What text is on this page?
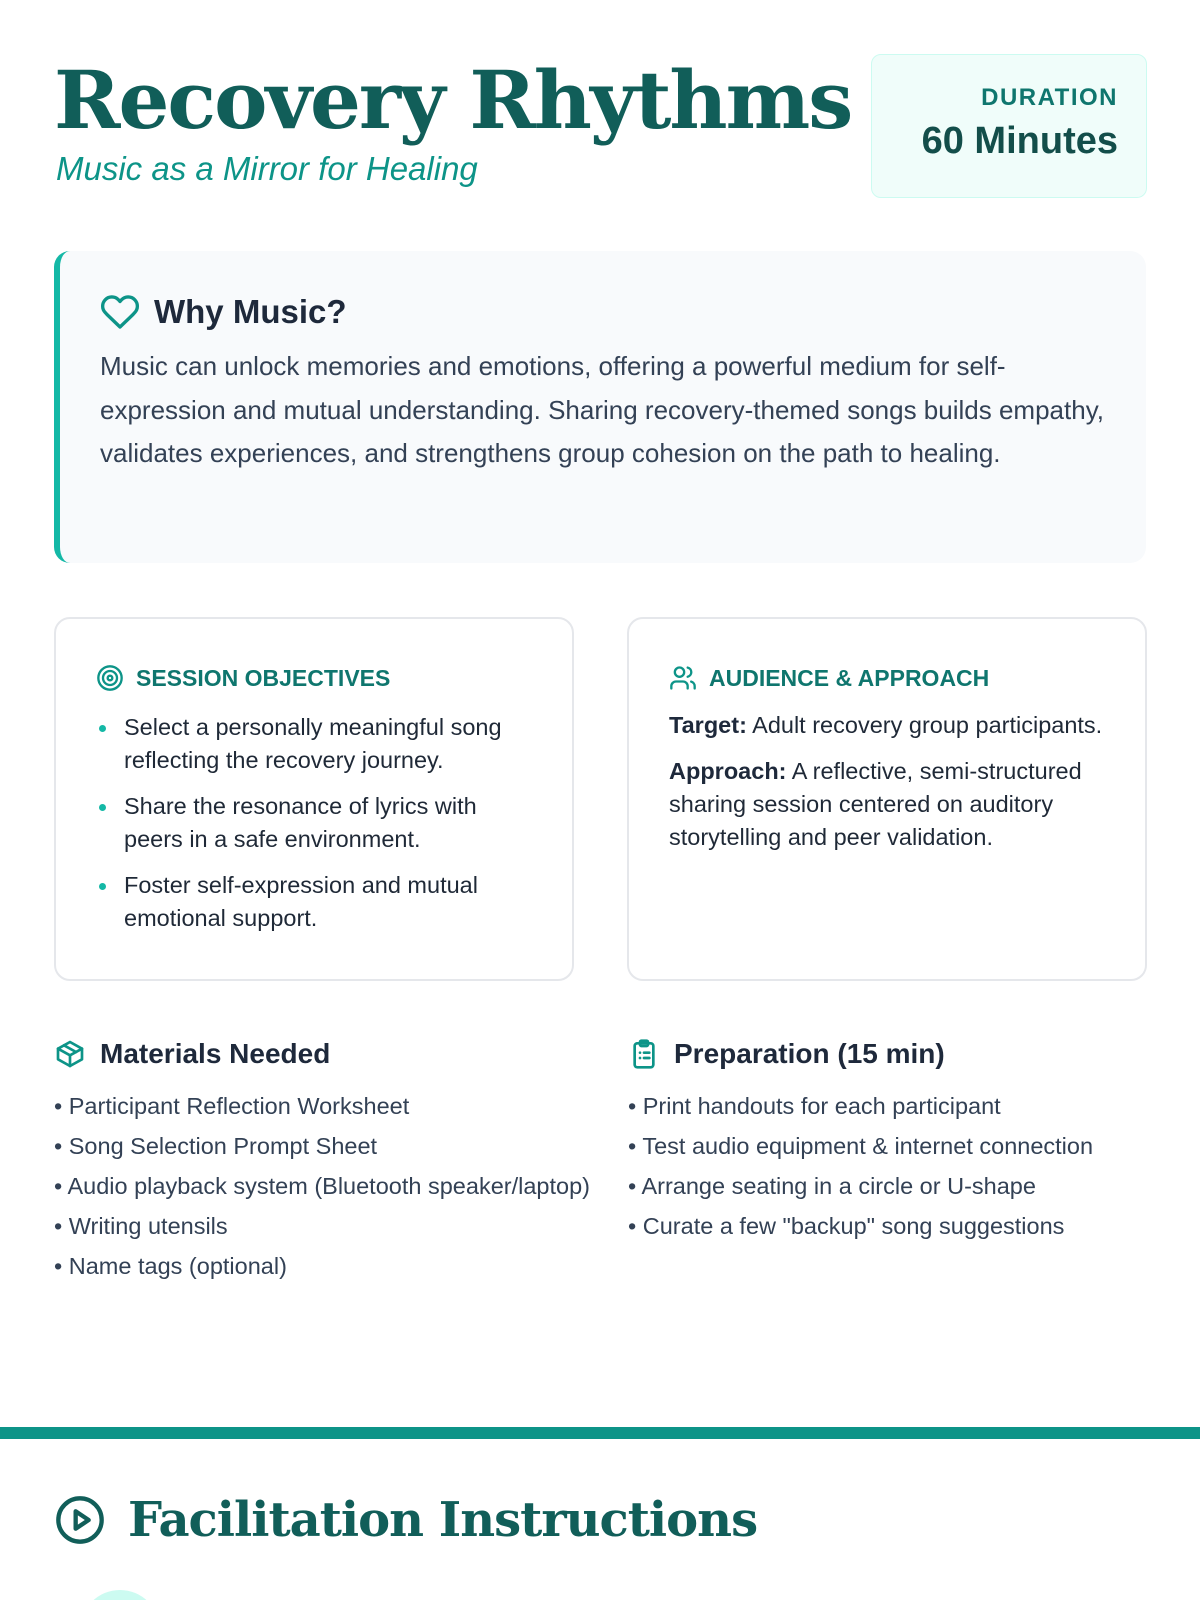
Recovery Rhythms
Music as a Mirror for Healing
DURATION
60 Minutes
Why Music?

Music can unlock memories and emotions, offering a powerful medium for self-expression and mutual understanding. Sharing recovery-themed songs builds empathy, validates experiences, and strengthens group cohesion on the path to healing.

SESSION OBJECTIVES
Select a personally meaningful song reflecting the recovery journey.
Share the resonance of lyrics with peers in a safe environment.
Foster self-expression and mutual emotional support.
AUDIENCE & APPROACH

Target: Adult recovery group participants.

Approach: A reflective, semi-structured sharing session centered on auditory storytelling and peer validation.

Materials Needed
• Participant Reflection Worksheet
• Song Selection Prompt Sheet
• Audio playback system (Bluetooth speaker/laptop)
• Writing utensils
• Name tags (optional)
Preparation (15 min)
• Print handouts for each participant
• Test audio equipment & internet connection
• Arrange seating in a circle or U-shape
• Curate a few "backup" song suggestions
Facilitation Instructions
